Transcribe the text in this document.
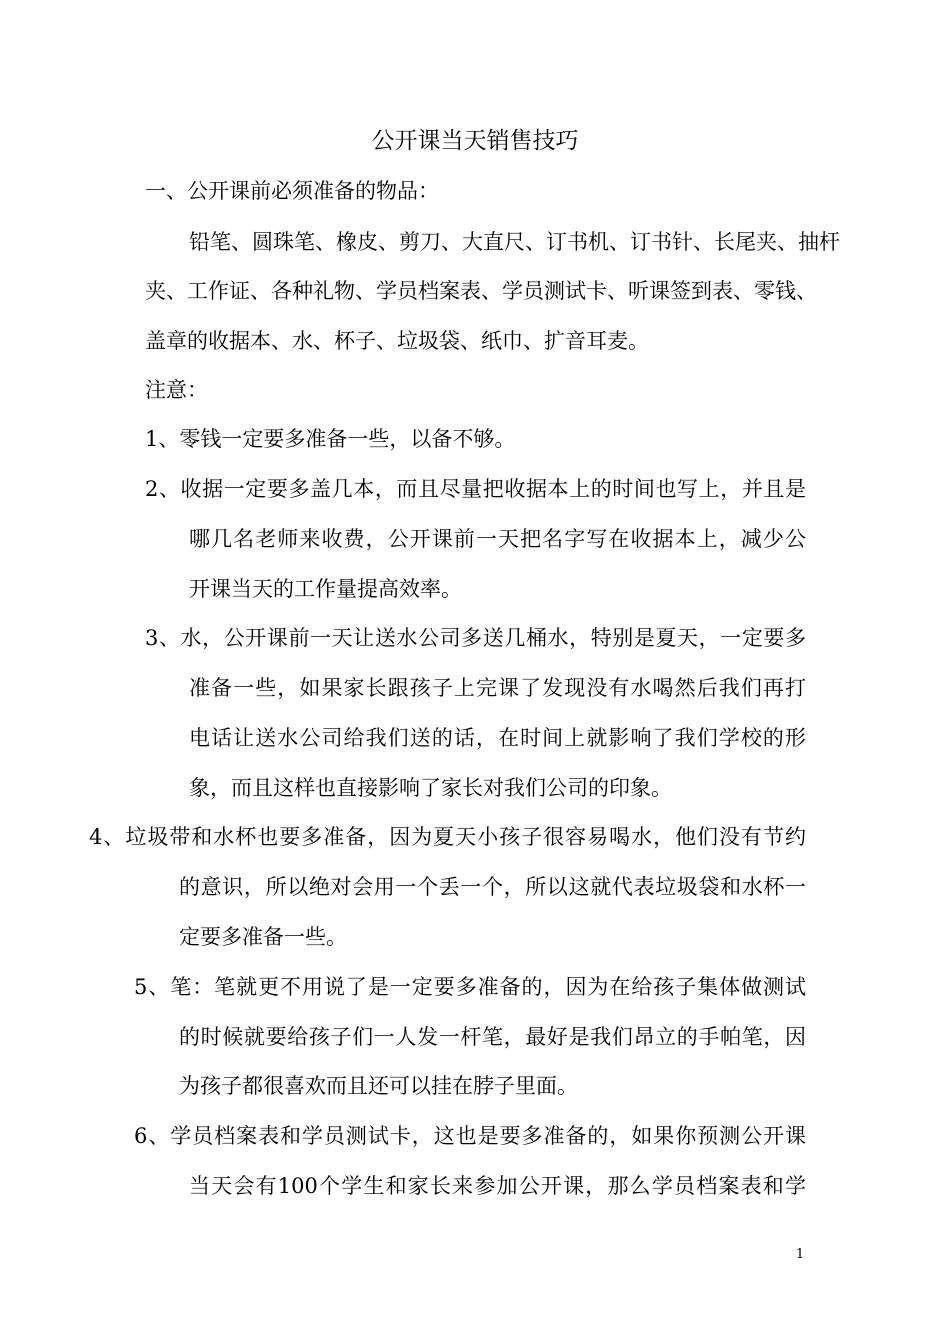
公开课当天销售技巧
一、公开课前必须准备的物品：
铅笔、圆珠笔、橡皮、剪刀、大直尺、订书机、订书针、长尾夹、抽杆
夹、工作证、各种礼物、学员档案表、学员测试卡、听课签到表、零钱、
盖章的收据本、水、杯子、垃圾袋、纸巾、扩音耳麦。
注意：
1、零钱一定要多准备一些，以备不够。
2、收据一定要多盖几本，而且尽量把收据本上的时间也写上，并且是
哪几名老师来收费，公开课前一天把名字写在收据本上，减少公
开课当天的工作量提高效率。
3、水，公开课前一天让送水公司多送几桶水，特别是夏天，一定要多
准备一些，如果家长跟孩子上完课了发现没有水喝然后我们再打
电话让送水公司给我们送的话，在时间上就影响了我们学校的形
象，而且这样也直接影响了家长对我们公司的印象。
4、垃圾带和水杯也要多准备，因为夏天小孩子很容易喝水，他们没有节约
的意识，所以绝对会用一个丢一个，所以这就代表垃圾袋和水杯一
定要多准备一些。
5、笔：笔就更不用说了是一定要多准备的，因为在给孩子集体做测试
的时候就要给孩子们一人发一杆笔，最好是我们昂立的手帕笔，因
为孩子都很喜欢而且还可以挂在脖子里面。
6、学员档案表和学员测试卡，这也是要多准备的，如果你预测公开课
当天会有100个学生和家长来参加公开课，那么学员档案表和学
1
